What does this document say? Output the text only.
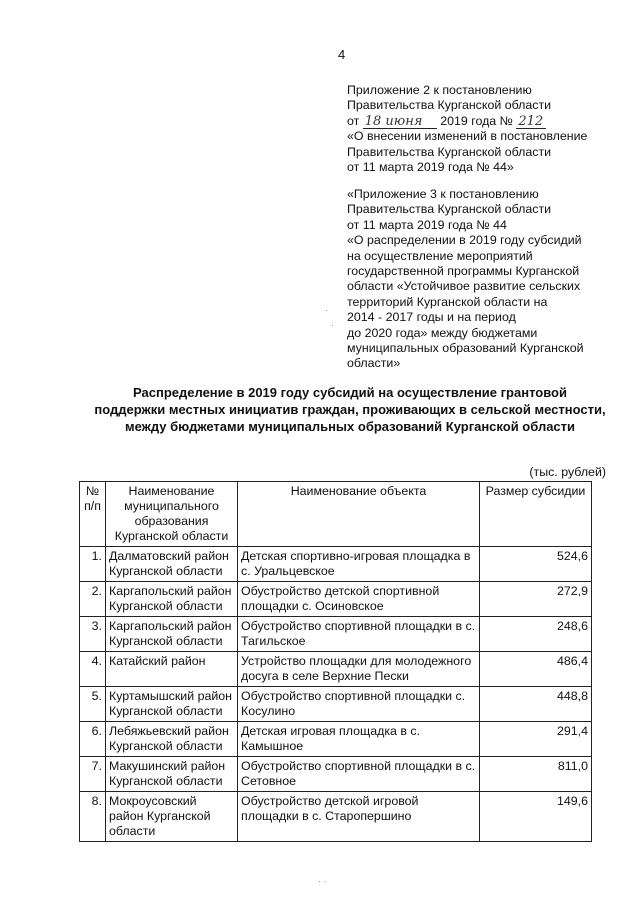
4
Приложение 2 к постановлению
Правительства Курганской области
от 18 июня 2019 года № 212
«О внесении изменений в постановление
Правительства Курганской области
от 11 марта 2019 года № 44»
«Приложение 3 к постановлению
Правительства Курганской области
от 11 марта 2019 года № 44
«О распределении в 2019 году субсидий
на осуществление мероприятий
государственной программы Курганской
области «Устойчивое развитие сельских
территорий Курганской области на
2014 - 2017 годы и на период
до 2020 года» между бюджетами
муниципальных образований Курганской
области»
·
·
Распределение в 2019 году субсидий на осуществление грантовой
поддержки местных инициатив граждан, проживающих в сельской местности,
между бюджетами муниципальных образований Курганской области
(тыс. рублей)
№ п/п	Наименование муниципального образования Курганской области	Наименование объекта	Размер субсидии
1.	Далматовский район Курганской области	Детская спортивно-игровая площадка в с. Уральцевское	524,6
2.	Каргапольский район Курганской области	Обустройство детской спортивной площадки с. Осиновское	272,9
3.	Каргапольский район Курганской области	Обустройство спортивной площадки в с. Тагильское	248,6
4.	Катайский район	Устройство площадки для молодежного досуга в селе Верхние Пески	486,4
5.	Куртамышский район Курганской области	Обустройство спортивной площадки с. Косулино	448,8
6.	Лебяжьевский район Курганской области	Детская игровая площадка в с. Камышное	291,4
7.	Макушинский район Курганской области	Обустройство спортивной площадки в с. Сетовное	811,0
8.	Мокроусовский район Курганской области	Обустройство детской игровой площадки в с. Старопершино	149,6
· ·
